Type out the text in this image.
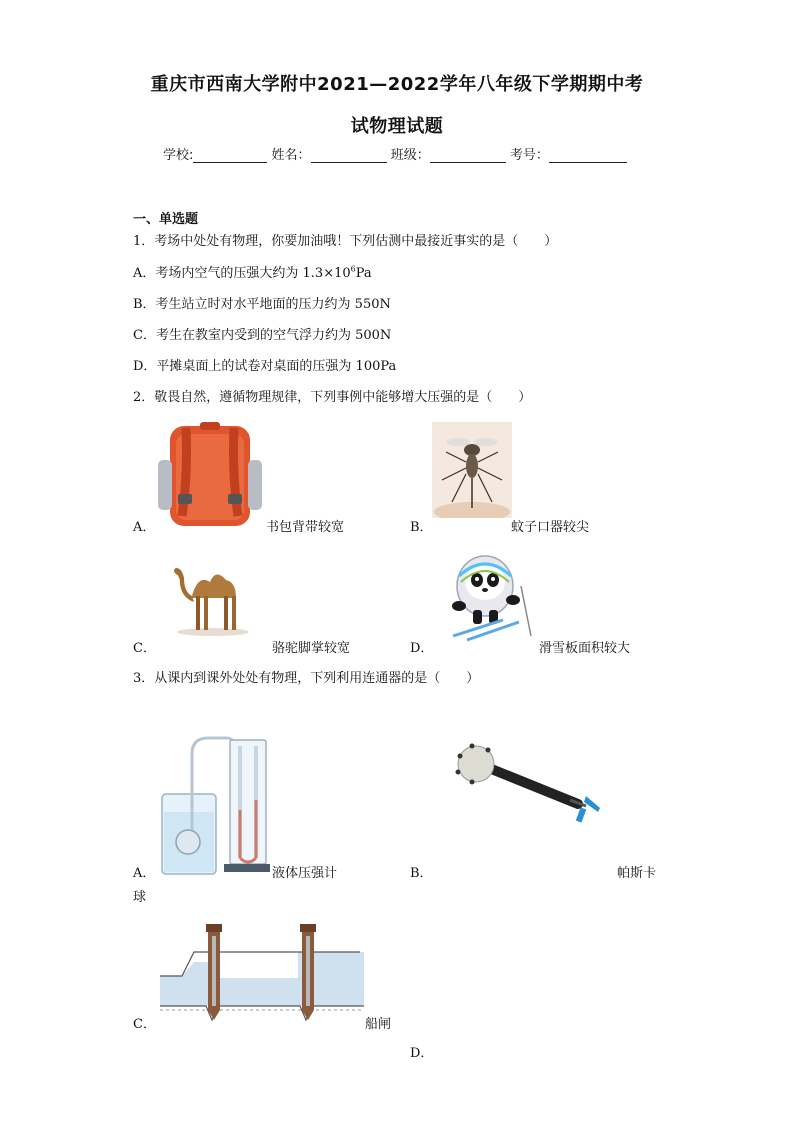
重庆市西南大学附中2021—2022学年八年级下学期期中考
试物理试题
学校:	姓名：	班级：	考号：
一、单选题
1．考场中处处有物理，你要加油哦！下列估测中最接近事实的是（　　）
A．考场内空气的压强大约为 $1.3\times 10^6Pa$
B．考生站立时对水平地面的压力约为 550N
C．考生在教室内受到的空气浮力约为 500N
D．平摊桌面上的试卷对桌面的压强为 100Pa
2．敬畏自然，遵循物理规律，下列事例中能够增大压强的是（　　）
A．	书包背带较宽	B．	蚊子口器较尖
C．	骆驼脚掌较宽	D．	滑雪板面积较大
3．从课内到课外处处有物理，下列利用连通器的是（　　）
A．	液体压强计	B．	帕斯卡
球
C．	船闸
D．
